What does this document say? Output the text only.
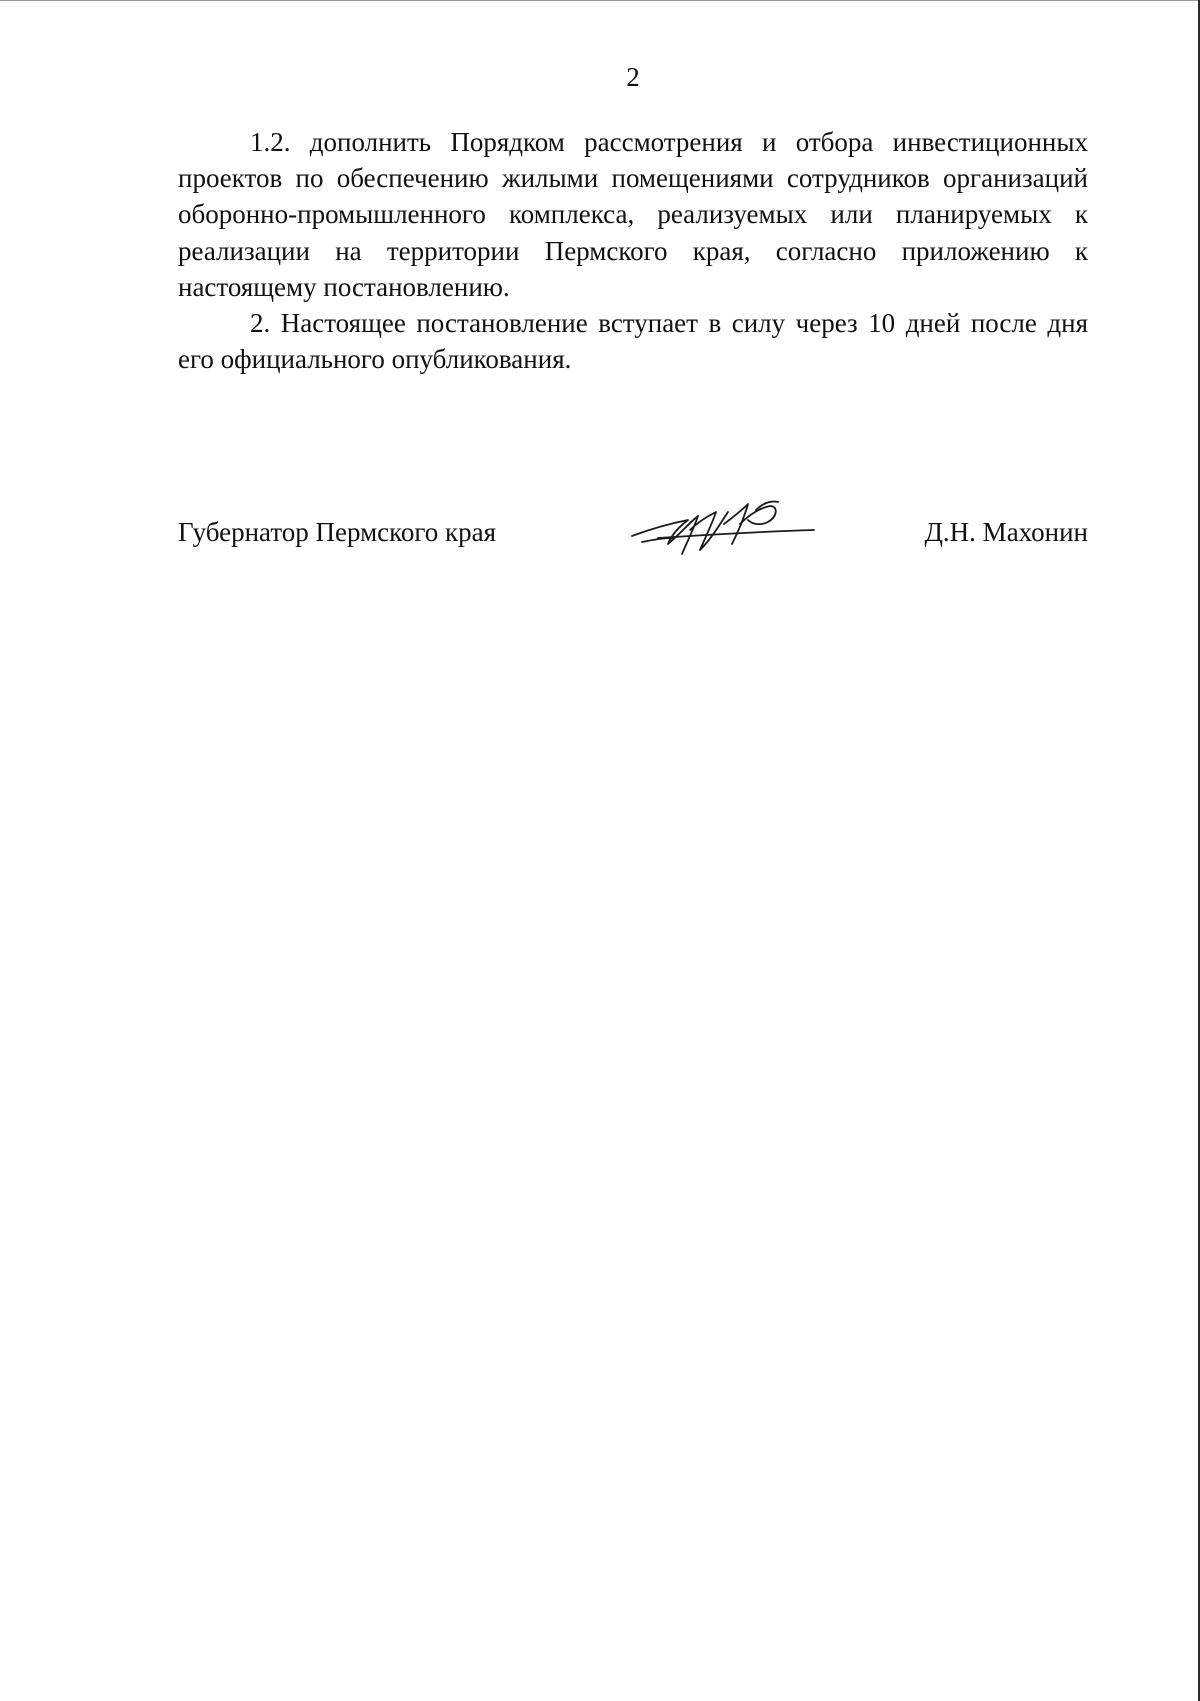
2

1.2. дополнить Порядком рассмотрения и отбора инвестиционных проектов по обеспечению жилыми помещениями сотрудников организаций оборонно-промышленного комплекса, реализуемых или планируемых к реализации на территории Пермского края, согласно приложению к настоящему постановлению.

2. Настоящее постановление вступает в силу через 10 дней после дня его официального опубликования.

Губернатор Пермского края	Д.Н. Махонин
